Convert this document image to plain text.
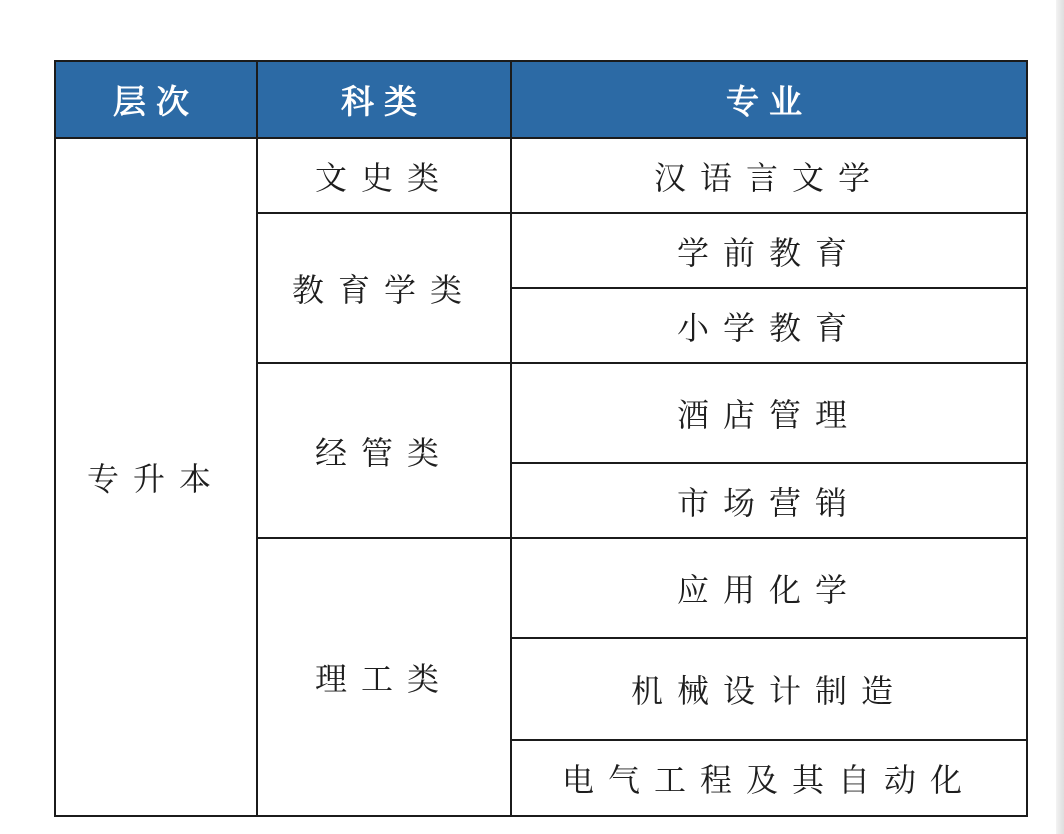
层次	科类	专业
专升本	文史类	汉语言文学
	教育学类	学前教育
		小学教育
	经管类	酒店管理
		市场营销
	理工类	应用化学
		机械设计制造
		电气工程及其自动化
